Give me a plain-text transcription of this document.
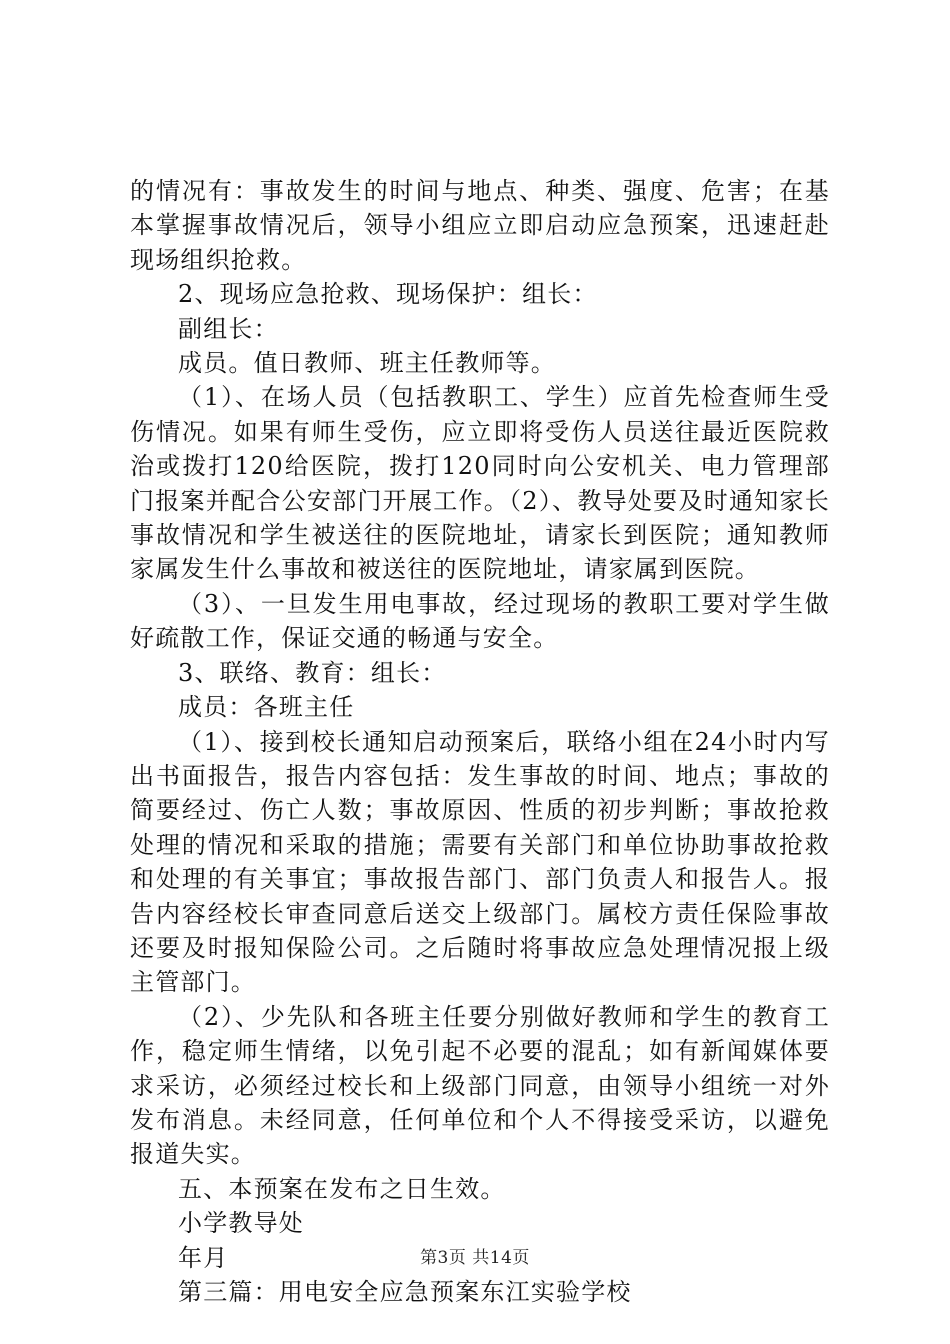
的情况有：事故发生的时间与地点、种类、强度、危害；在基本掌握事故情况后，领导小组应立即启动应急预案，迅速赶赴现场组织抢救。

2、现场应急抢救、现场保护：组长：

副组长：

成员。值日教师、班主任教师等。

（1）、在场人员（包括教职工、学生）应首先检查师生受伤情况。如果有师生受伤，应立即将受伤人员送往最近医院救治或拨打120给医院，拨打120同时向公安机关、电力管理部门报案并配合公安部门开展工作。（2）、教导处要及时通知家长事故情况和学生被送往的医院地址，请家长到医院；通知教师家属发生什么事故和被送往的医院地址，请家属到医院。

（3）、一旦发生用电事故，经过现场的教职工要对学生做好疏散工作，保证交通的畅通与安全。

3、联络、教育：组长：

成员：各班主任

（1）、接到校长通知启动预案后，联络小组在24小时内写出书面报告，报告内容包括：发生事故的时间、地点；事故的简要经过、伤亡人数；事故原因、性质的初步判断；事故抢救处理的情况和采取的措施；需要有关部门和单位协助事故抢救和处理的有关事宜；事故报告部门、部门负责人和报告人。报告内容经校长审查同意后送交上级部门。属校方责任保险事故还要及时报知保险公司。之后随时将事故应急处理情况报上级主管部门。

（2）、少先队和各班主任要分别做好教师和学生的教育工作，稳定师生情绪，以免引起不必要的混乱；如有新闻媒体要求采访，必须经过校长和上级部门同意，由领导小组统一对外发布消息。未经同意，任何单位和个人不得接受采访，以避免报道失实。

五、本预案在发布之日生效。

小学教导处

年月

第三篇：用电安全应急预案东江实验学校

第3页 共14页
